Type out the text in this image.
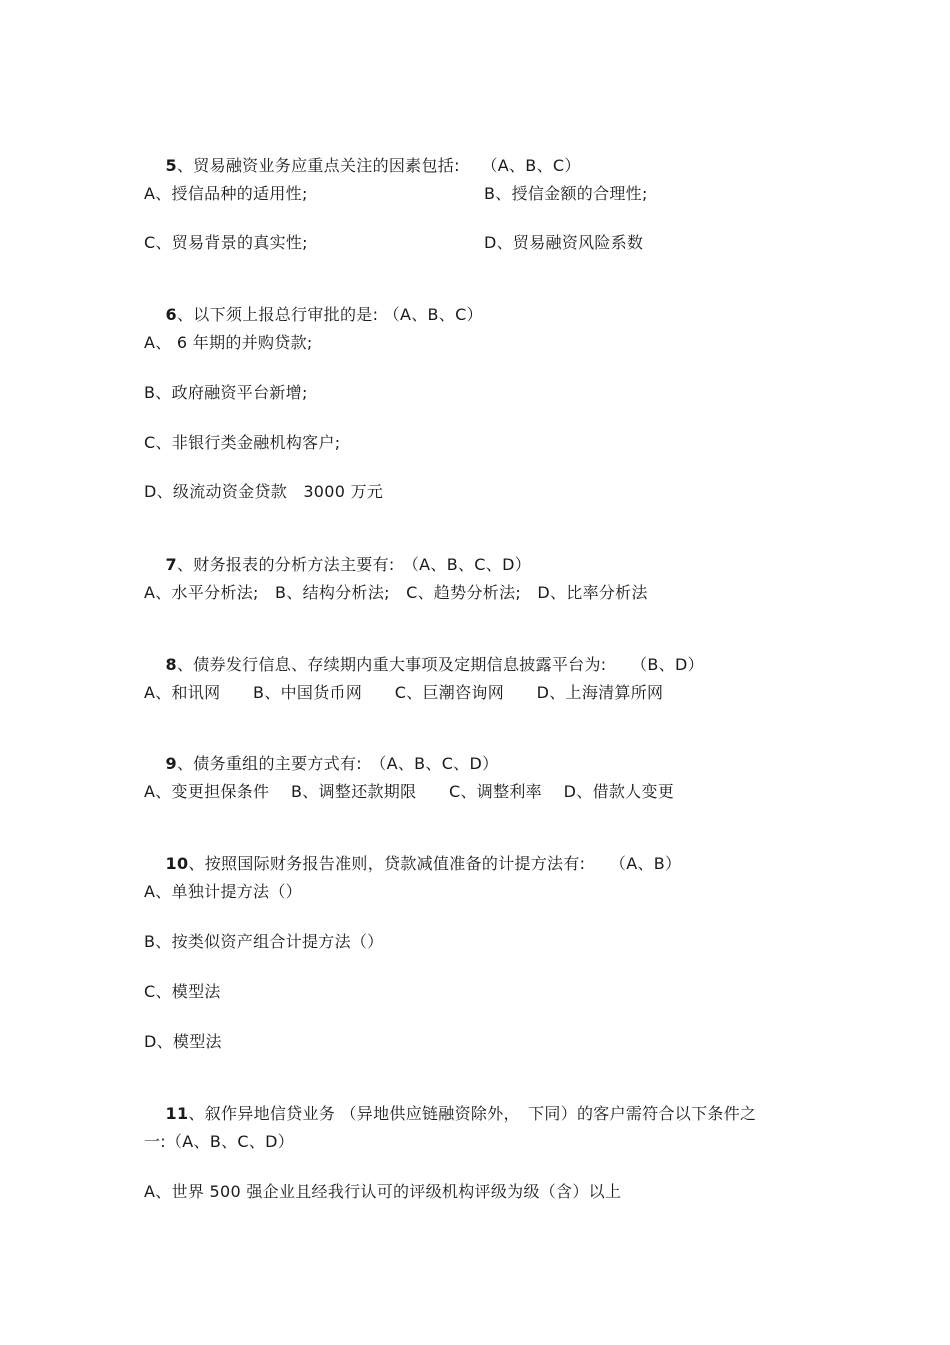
5、贸易融资业务应重点关注的因素包括:　 （A、B、C）

A、授信品种的适用性;	B、授信金额的合理性;
C、贸易背景的真实性;	D、贸易融资风险系数

6、以下须上报总行审批的是: （A、B、C）

A、 6 年期的并购贷款;
B、政府融资平台新增;
C、非银行类金融机构客户;
D、级流动资金贷款　3000 万元

7、财务报表的分析方法主要有:　（A、B、C、D）

A、水平分析法;　B、结构分析法;　C、趋势分析法;　D、比率分析法

8、债券发行信息、存续期内重大事项及定期信息披露平台为:　　（B、D）

A、和讯网　　B、中国货币网　　C、巨潮咨询网　　D、上海清算所网

9、债务重组的主要方式有:　（A、B、C、D）

A、变更担保条件　 B、调整还款期限　　C、调整利率　 D、借款人变更

10、按照国际财务报告准则，贷款减值准备的计提方法有:　　（A、B）

A、单独计提方法（）
B、按类似资产组合计提方法（）
C、模型法
D、模型法

11、叙作异地信贷业务 （异地供应链融资除外，　下同）的客户需符合以下条件之

一:（A、B、C、D）
A、世界 500 强企业且经我行认可的评级机构评级为级（含）以上
